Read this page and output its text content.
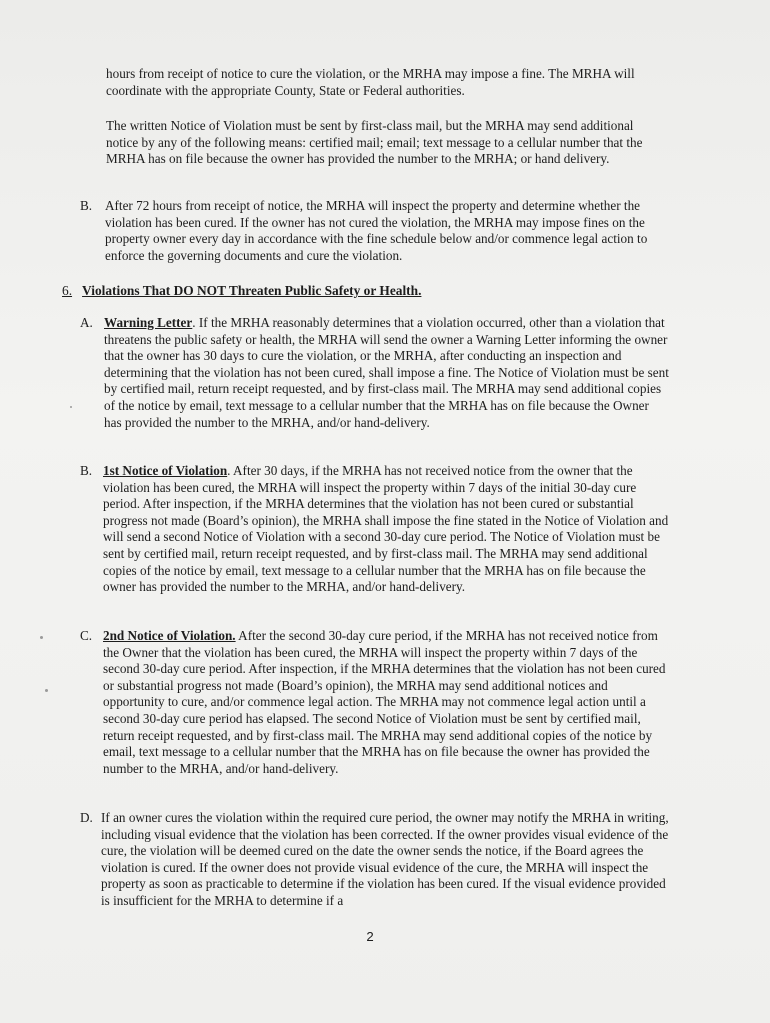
hours from receipt of notice to cure the violation, or the MRHA may impose a fine. The MRHA will coordinate with the appropriate County, State or Federal authorities.

The written Notice of Violation must be sent by first-class mail, but the MRHA may send additional notice by any of the following means: certified mail; email; text message to a cellular number that the MRHA has on file because the owner has provided the number to the MRHA; or hand delivery.

B. After 72 hours from receipt of notice, the MRHA will inspect the property and determine whether the violation has been cured. If the owner has not cured the violation, the MRHA may impose fines on the property owner every day in accordance with the fine schedule below and/or commence legal action to enforce the governing documents and cure the violation.

6. Violations That DO NOT Threaten Public Safety or Health.
A. Warning Letter. If the MRHA reasonably determines that a violation occurred, other than a violation that threatens the public safety or health, the MRHA will send the owner a Warning Letter informing the owner that the owner has 30 days to cure the violation, or the MRHA, after conducting an inspection and determining that the violation has not been cured, shall impose a fine. The Notice of Violation must be sent by certified mail, return receipt requested, and by first-class mail. The MRHA may send additional copies of the notice by email, text message to a cellular number that the MRHA has on file because the Owner has provided the number to the MRHA, and/or hand-delivery.

B. 1st Notice of Violation. After 30 days, if the MRHA has not received notice from the owner that the violation has been cured, the MRHA will inspect the property within 7 days of the initial 30-day cure period. After inspection, if the MRHA determines that the violation has not been cured or substantial progress not made (Board’s opinion), the MRHA shall impose the fine stated in the Notice of Violation and will send a second Notice of Violation with a second 30-day cure period. The Notice of Violation must be sent by certified mail, return receipt requested, and by first-class mail. The MRHA may send additional copies of the notice by email, text message to a cellular number that the MRHA has on file because the owner has provided the number to the MRHA, and/or hand-delivery.

C. 2nd Notice of Violation. After the second 30-day cure period, if the MRHA has not received notice from the Owner that the violation has been cured, the MRHA will inspect the property within 7 days of the second 30-day cure period. After inspection, if the MRHA determines that the violation has not been cured or substantial progress not made (Board’s opinion), the MRHA may send additional notices and opportunity to cure, and/or commence legal action. The MRHA may not commence legal action until a second 30-day cure period has elapsed. The second Notice of Violation must be sent by certified mail, return receipt requested, and by first-class mail. The MRHA may send additional copies of the notice by email, text message to a cellular number that the MRHA has on file because the owner has provided the number to the MRHA, and/or hand-delivery.

D. If an owner cures the violation within the required cure period, the owner may notify the MRHA in writing, including visual evidence that the violation has been corrected. If the owner provides visual evidence of the cure, the violation will be deemed cured on the date the owner sends the notice, if the Board agrees the violation is cured. If the owner does not provide visual evidence of the cure, the MRHA will inspect the property as soon as practicable to determine if the violation has been cured. If the visual evidence provided is insufficient for the MRHA to determine if a

2
